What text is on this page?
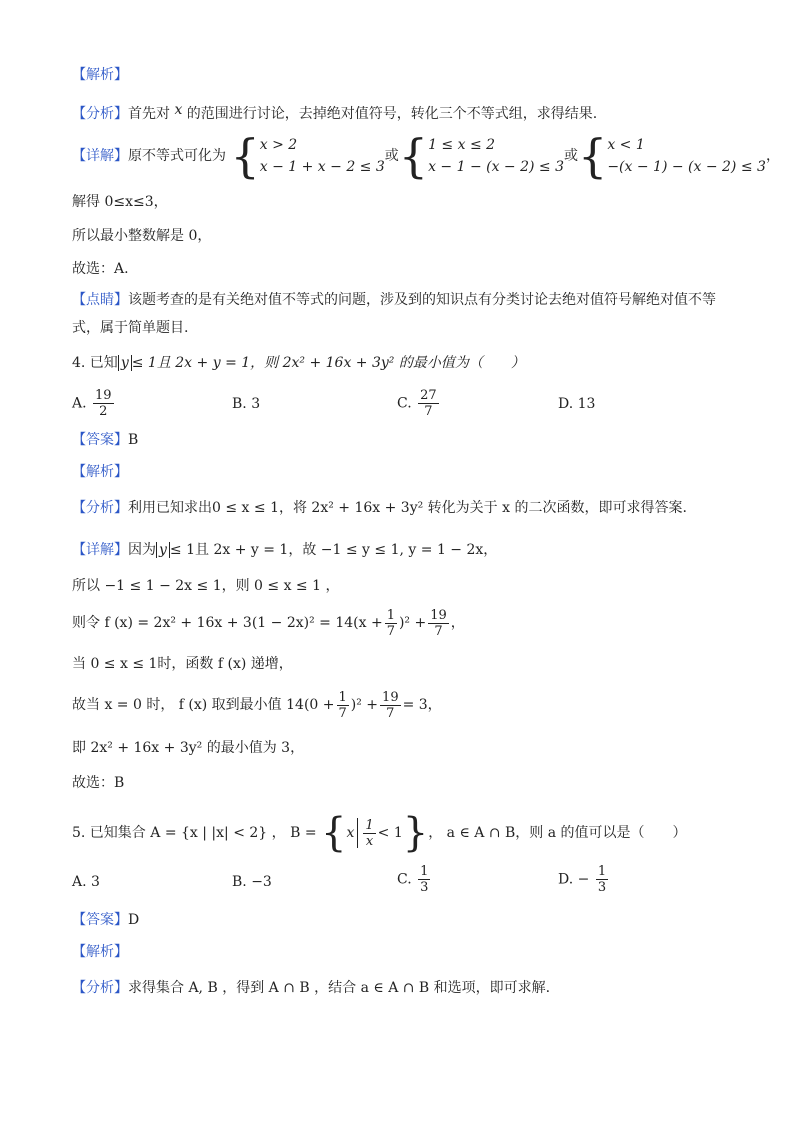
【解析】
【分析】首先对 x 的范围进行讨论，去掉绝对值符号，转化三个不等式组，求得结果.
【详解】原不等式可化为 { x > 2
x − 1 + x − 2 ≤ 3
或{ 1 ≤ x ≤ 2
x − 1 − (x − 2) ≤ 3
或{ x < 1
−(x − 1) − (x − 2) ≤ 3
，
解得 0≤x≤3，
所以最小整数解是 0，
故选：A.
【点睛】该题考查的是有关绝对值不等式的问题，涉及到的知识点有分类讨论去绝对值符号解绝对值不等
式，属于简单题目.
4. 已知 y ≤ 1且 2x + y = 1，则 2x² + 16x + 3y² 的最小值为（　　）
A. $\frac{19}{2}$	B. 3	C. $\frac{27}{7}$	D. 13
【答案】B
【解析】
【分析】利用已知求出0 ≤ x ≤ 1，将 2x² + 16x + 3y² 转化为关于 x 的二次函数，即可求得答案.
【详解】因为 y ≤ 1且 2x + y = 1，故 −1 ≤ y ≤ 1, y = 1 − 2x，
所以 −1 ≤ 1 − 2x ≤ 1，则 0 ≤ x ≤ 1 ，
则令 f $(x) = 2x^2 + 16x + 3(1 - 2x)^2 = 14(x + \frac{1}{7} )^2 + \frac{19}{7}$ ，
当 0 ≤ x ≤ 1时，函数 f (x) 递增，
故当 x = 0 时， f (x) 取到最小值 $14(0 + \frac{1}{7} )^2 + \frac{19}{7} = 3$，
即 2x² + 16x + 3y² 的最小值为 3，
故选：B
5. 已知集合 A = {x | |x| < 2} ， $B = \{x \frac{1}{x} < 1\}$， a ∈ A ∩ B，则 a 的值可以是（　　）
A. 3	B. −3	C. $\frac{1}{3}$	D. − $\frac{1}{3}$
【答案】D
【解析】
【分析】求得集合 A, B ，得到 A ∩ B ，结合 a ∈ A ∩ B 和选项，即可求解.
